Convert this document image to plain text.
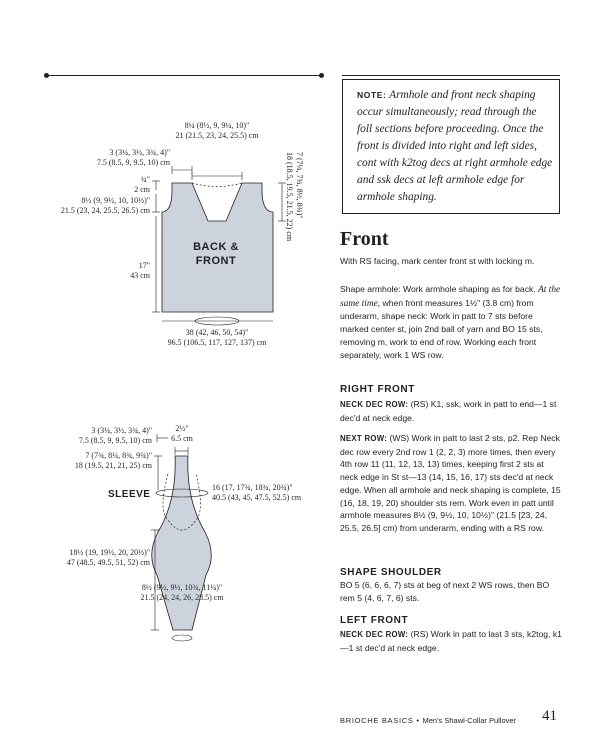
NOTE: Armhole and front neck shaping occur simultaneously; read through the foll sections before proceeding. Once the front is divided into right and left sides, cont with k2tog decs at right armhole edge and ssk decs at left armhole edge for armhole shaping.

Front

With RS facing, mark center front st with locking m.

Shape armhole: Work armhole shaping as for back. At the same time, when front measures 1½" (3.8 cm) from underarm, shape neck: Work in patt to 7 sts before marked center st, join 2nd ball of yarn and BO 15 sts, removing m, work to end of row. Working each front separately, work 1 WS row.

RIGHT FRONT

NECK DEC ROW: (RS) K1, ssk, work in patt to end—1 st dec'd at neck edge.

NEXT ROW: (WS) Work in patt to last 2 sts, p2. Rep Neck dec row every 2nd row 1 (2, 2, 3) more times, then every 4th row 11 (11, 12, 13, 13) times, keeping first 2 sts at neck edge in St st—13 (14, 15, 16, 17) sts dec'd at neck edge. When all armhole and neck shaping is complete, 15 (16, 18, 19, 20) shoulder sts rem. Work even in patt until armhole measures 8½ (9, 9½, 10, 10½)" (21.5 [23, 24, 25.5, 26.5] cm) from underarm, ending with a RS row.

SHAPE SHOULDER

BO 5 (6, 6, 6, 7) sts at beg of next 2 WS rows, then BO rem 5 (4, 6, 7, 6) sts.

LEFT FRONT

NECK DEC ROW: (RS) Work in patt to last 3 sts, k2tog, k1—1 st dec'd at neck edge.

BACK &
FRONT
8¼ (8½, 9, 9¼, 10)"
21 (21.5, 23, 24, 25.5) cm
3 (3¼, 3½, 3¾, 4)"
7.5 (8.5, 9, 9.5, 10) cm
¾"
2 cm
8½ (9, 9½, 10, 10½)"
21.5 (23, 24, 25.5, 26.5) cm
17"
43 cm
7 (7¼, 7¾, 8½, 8¾)"
18 (18.5, 19.5, 21.5, 22) cm
38 (42, 46, 50, 54)"
96.5 (106.5, 117, 127, 137) cm
SLEEVE
2½"
6.5 cm
3 (3¼, 3½, 3¾, 4)"
7.5 (8.5, 9, 9.5, 10) cm
7 (7¾, 8¼, 8¾, 9¾)"
18 (19.5, 21, 21, 25) cm
16 (17, 17¾, 18¾, 20¾)"
40.5 (43, 45, 47.5, 52.5) cm
18½ (19, 19½, 20, 20½)"
47 (48.5, 49.5, 51, 52) cm
8½ (9½, 9½, 10¾, 11¼)"
21.5 (24, 24, 26, 28.5) cm
BRIOCHE BASICS • Men's Shawl-Collar Pullover 41
